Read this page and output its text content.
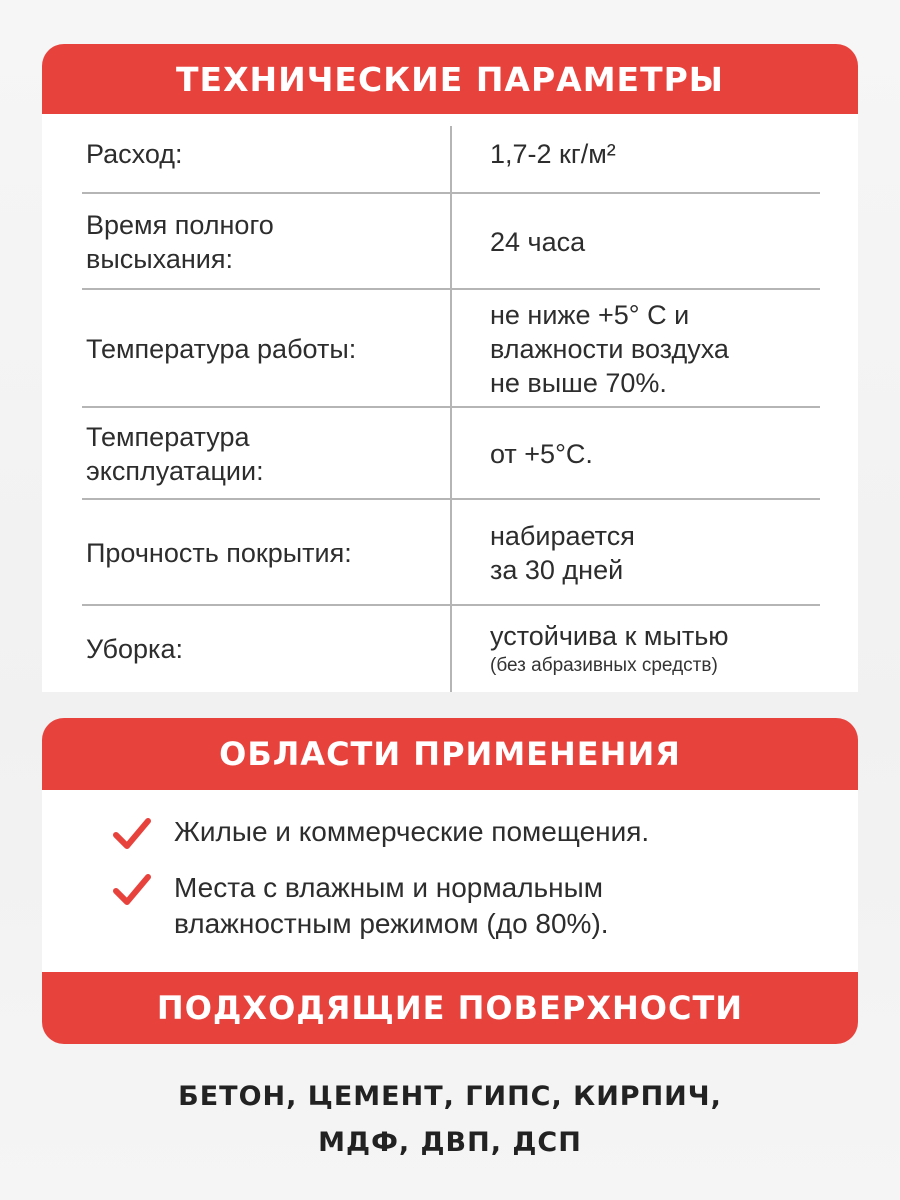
ТЕХНИЧЕСКИЕ ПАРАМЕТРЫ
Расход:	1,7-2 кг/м²
Время полного
высыхания:
24 часа
Температура работы:
не ниже +5° С и
влажности воздуха
не выше 70%.
Температура
эксплуатации:
от +5°С.
Прочность покрытия:
набирается
за 30 дней
Уборка:	устойчива к мытью
(без абразивных средств)
ОБЛАСТИ ПРИМЕНЕНИЯ
Жилые и коммерческие помещения.
Места с влажным и нормальным
влажностным режимом (до 80%).
ПОДХОДЯЩИЕ ПОВЕРХНОСТИ
БЕТОН, ЦЕМЕНТ, ГИПС, КИРПИЧ,
МДФ, ДВП, ДСП
